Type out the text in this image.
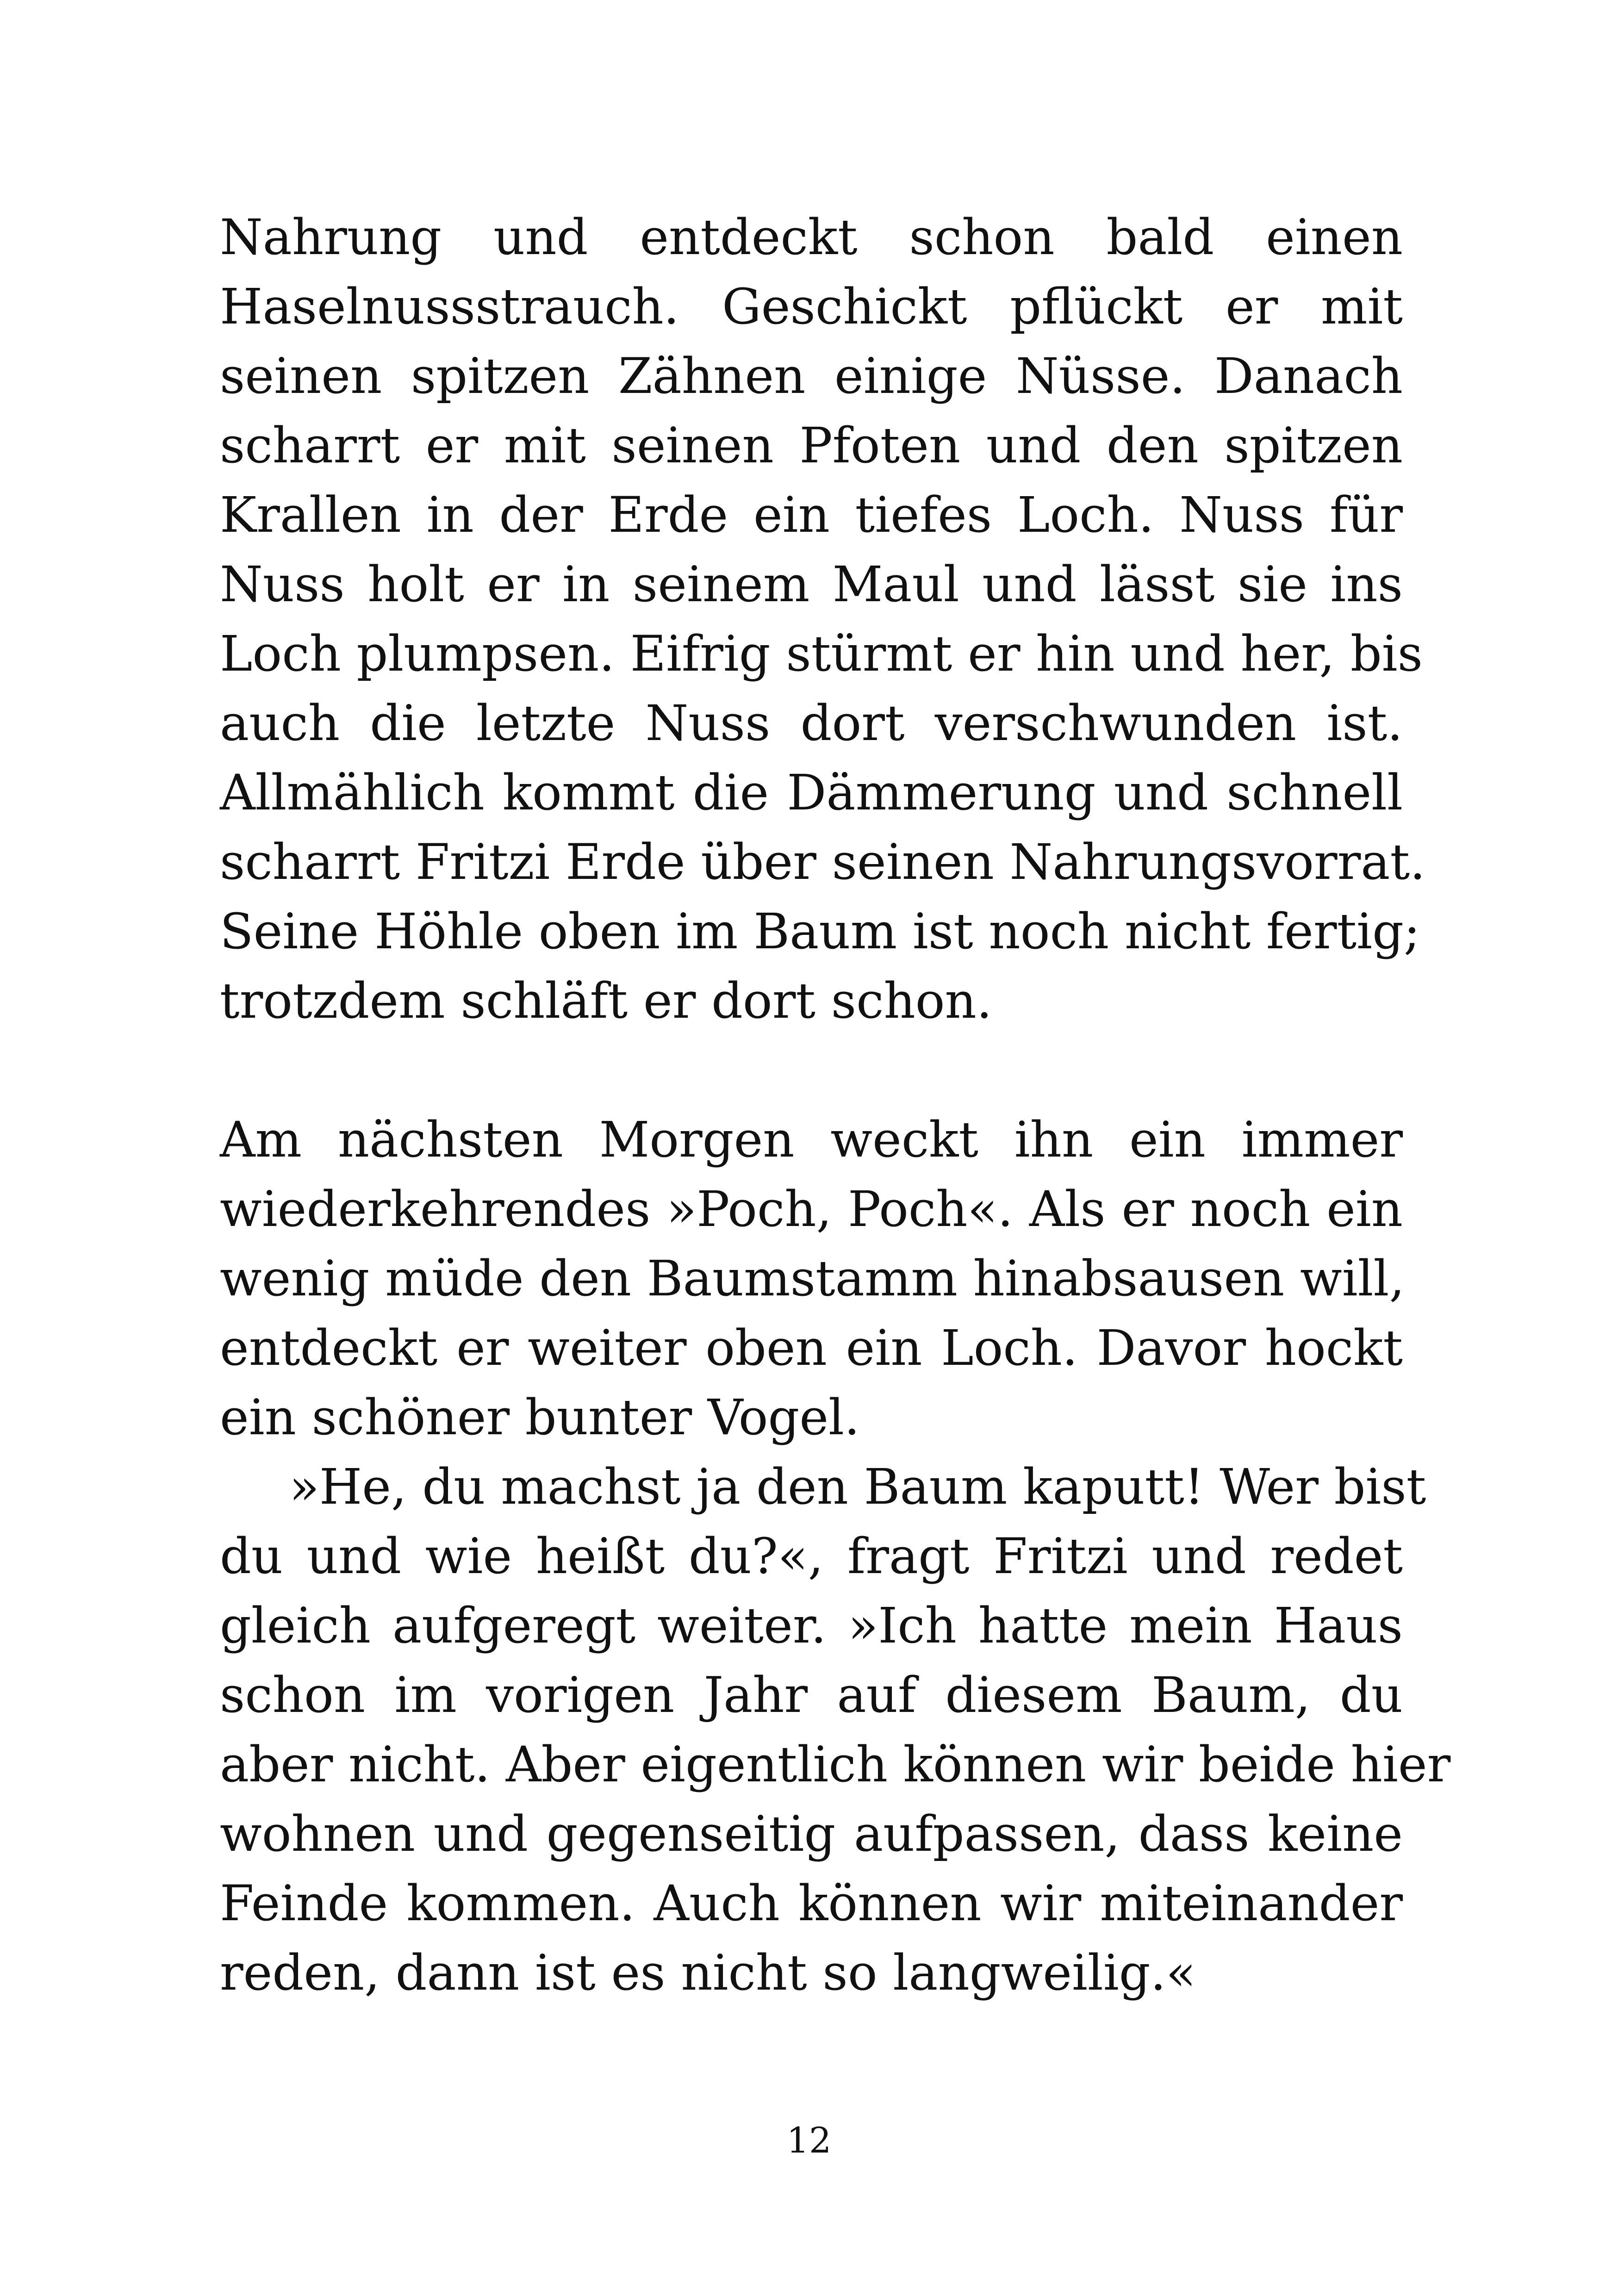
Nahrung und entdeckt schon bald einen
Haselnussstrauch. Geschickt pflückt er mit
seinen spitzen Zähnen einige Nüsse. Danach
scharrt er mit seinen Pfoten und den spitzen
Krallen in der Erde ein tiefes Loch. Nuss für
Nuss holt er in seinem Maul und lässt sie ins
Loch plumpsen. Eifrig stürmt er hin und her, bis
auch die letzte Nuss dort verschwunden ist.
Allmählich kommt die Dämmerung und schnell
scharrt Fritzi Erde über seinen Nahrungsvorrat.
Seine Höhle oben im Baum ist noch nicht fertig;
trotzdem schläft er dort schon.
Am nächsten Morgen weckt ihn ein immer
wiederkehrendes »Poch, Poch«. Als er noch ein
wenig müde den Baumstamm hinabsausen will,
entdeckt er weiter oben ein Loch. Davor hockt
ein schöner bunter Vogel.
»He, du machst ja den Baum kaputt! Wer bist
du und wie heißt du?«, fragt Fritzi und redet
gleich aufgeregt weiter. »Ich hatte mein Haus
schon im vorigen Jahr auf diesem Baum, du
aber nicht. Aber eigentlich können wir beide hier
wohnen und gegenseitig aufpassen, dass keine
Feinde kommen. Auch können wir miteinander
reden, dann ist es nicht so langweilig.«
12
